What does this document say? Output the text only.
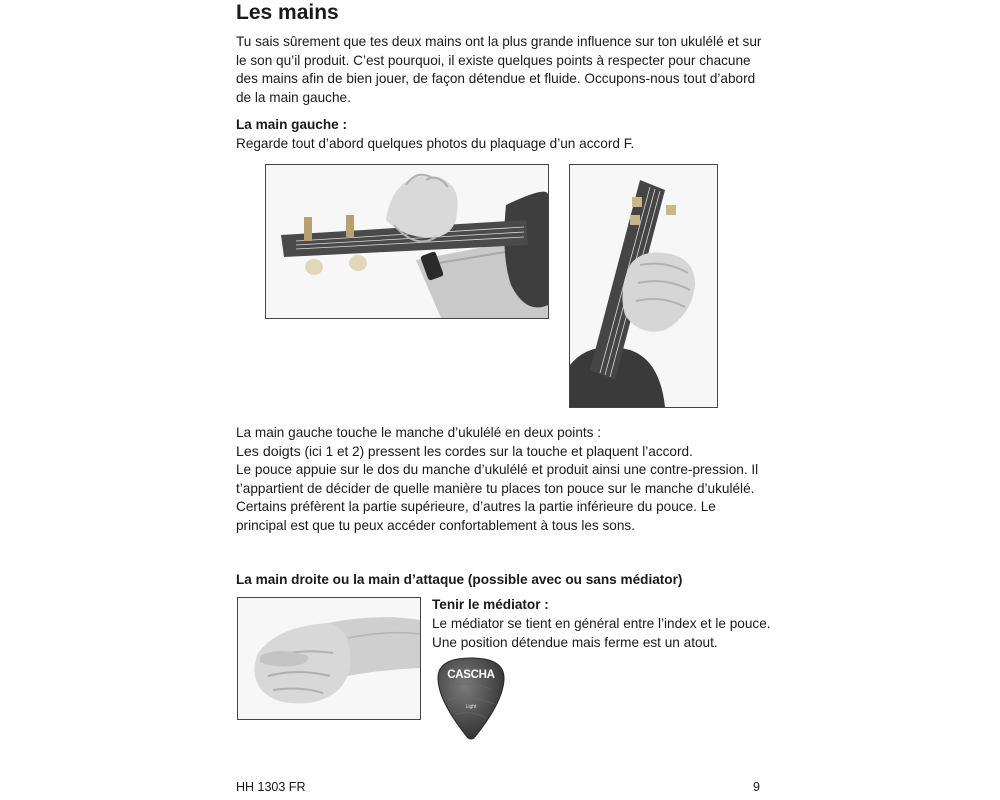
Les mains

Tu sais sûrement que tes deux mains ont la plus grande influence sur ton ukulélé et sur le son qu’il produit. C’est pourquoi, il existe quelques points à respecter pour chacune des mains afin de bien jouer, de façon détendue et fluide. Occupons-nous tout d’abord de la main gauche.

La main gauche :

Regarde tout d’abord quelques photos du plaquage d’un accord F.

La main gauche touche le manche d’ukulélé en deux points :

Les doigts (ici 1 et 2) pressent les cordes sur la touche et plaquent l’accord.

Le pouce appuie sur le dos du manche d’ukulélé et produit ainsi une contre-pression. Il t’appartient de décider de quelle manière tu places ton pouce sur le manche d’ukulélé. Certains préfèrent la partie supérieure, d’autres la partie inférieure du pouce. Le principal est que tu peux accéder confortablement à tous les sons.

La main droite ou la main d’attaque (possible avec ou sans médiator)

Tenir le médiator :

Le médiator se tient en général entre l’index et le pouce. Une position détendue mais ferme est un atout.

CASCHA
Light

HH 1303 FR	9
